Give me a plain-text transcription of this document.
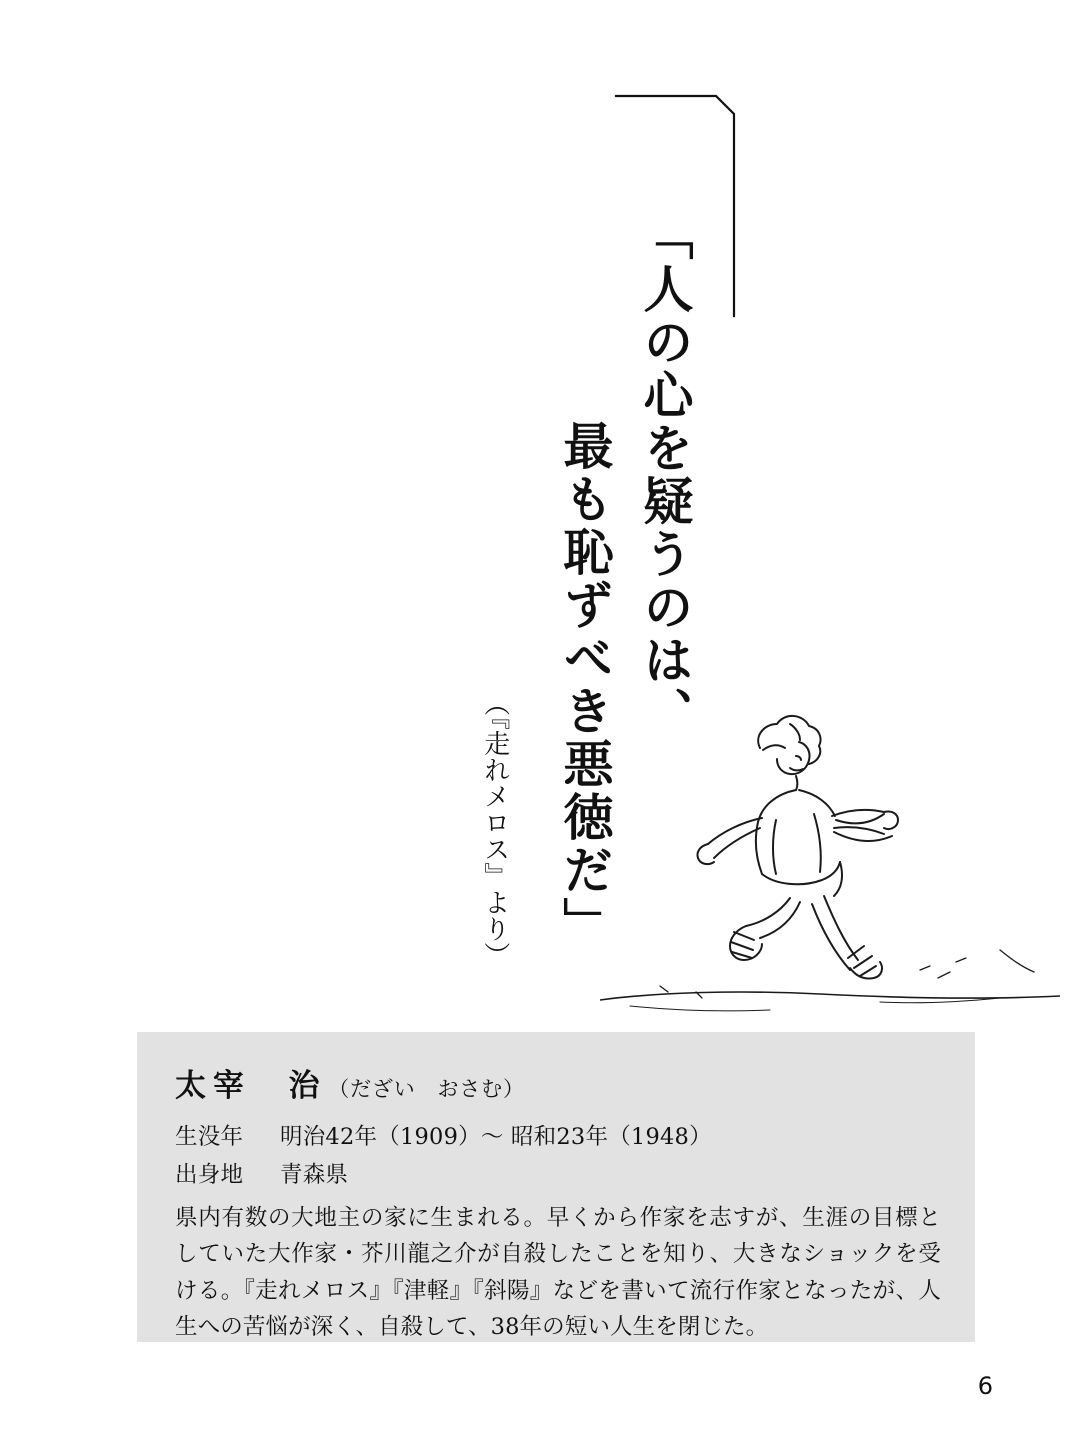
「人の心を疑うのは、
最も恥ずべき悪徳だ」
（『走れメロス』より）
太宰　治 （だざい　おさむ）
生没年 明治42年（1909）〜 昭和23年（1948）
出身地 青森県

県内有数の大地主の家に生まれる。早くから作家を志すが、生涯の目標としていた大作家・芥川龍之介が自殺したことを知り、大きなショックを受ける。『走れメロス』『津軽』『斜陽』などを書いて流行作家となったが、人生への苦悩が深く、自殺して、38年の短い人生を閉じた。

6
